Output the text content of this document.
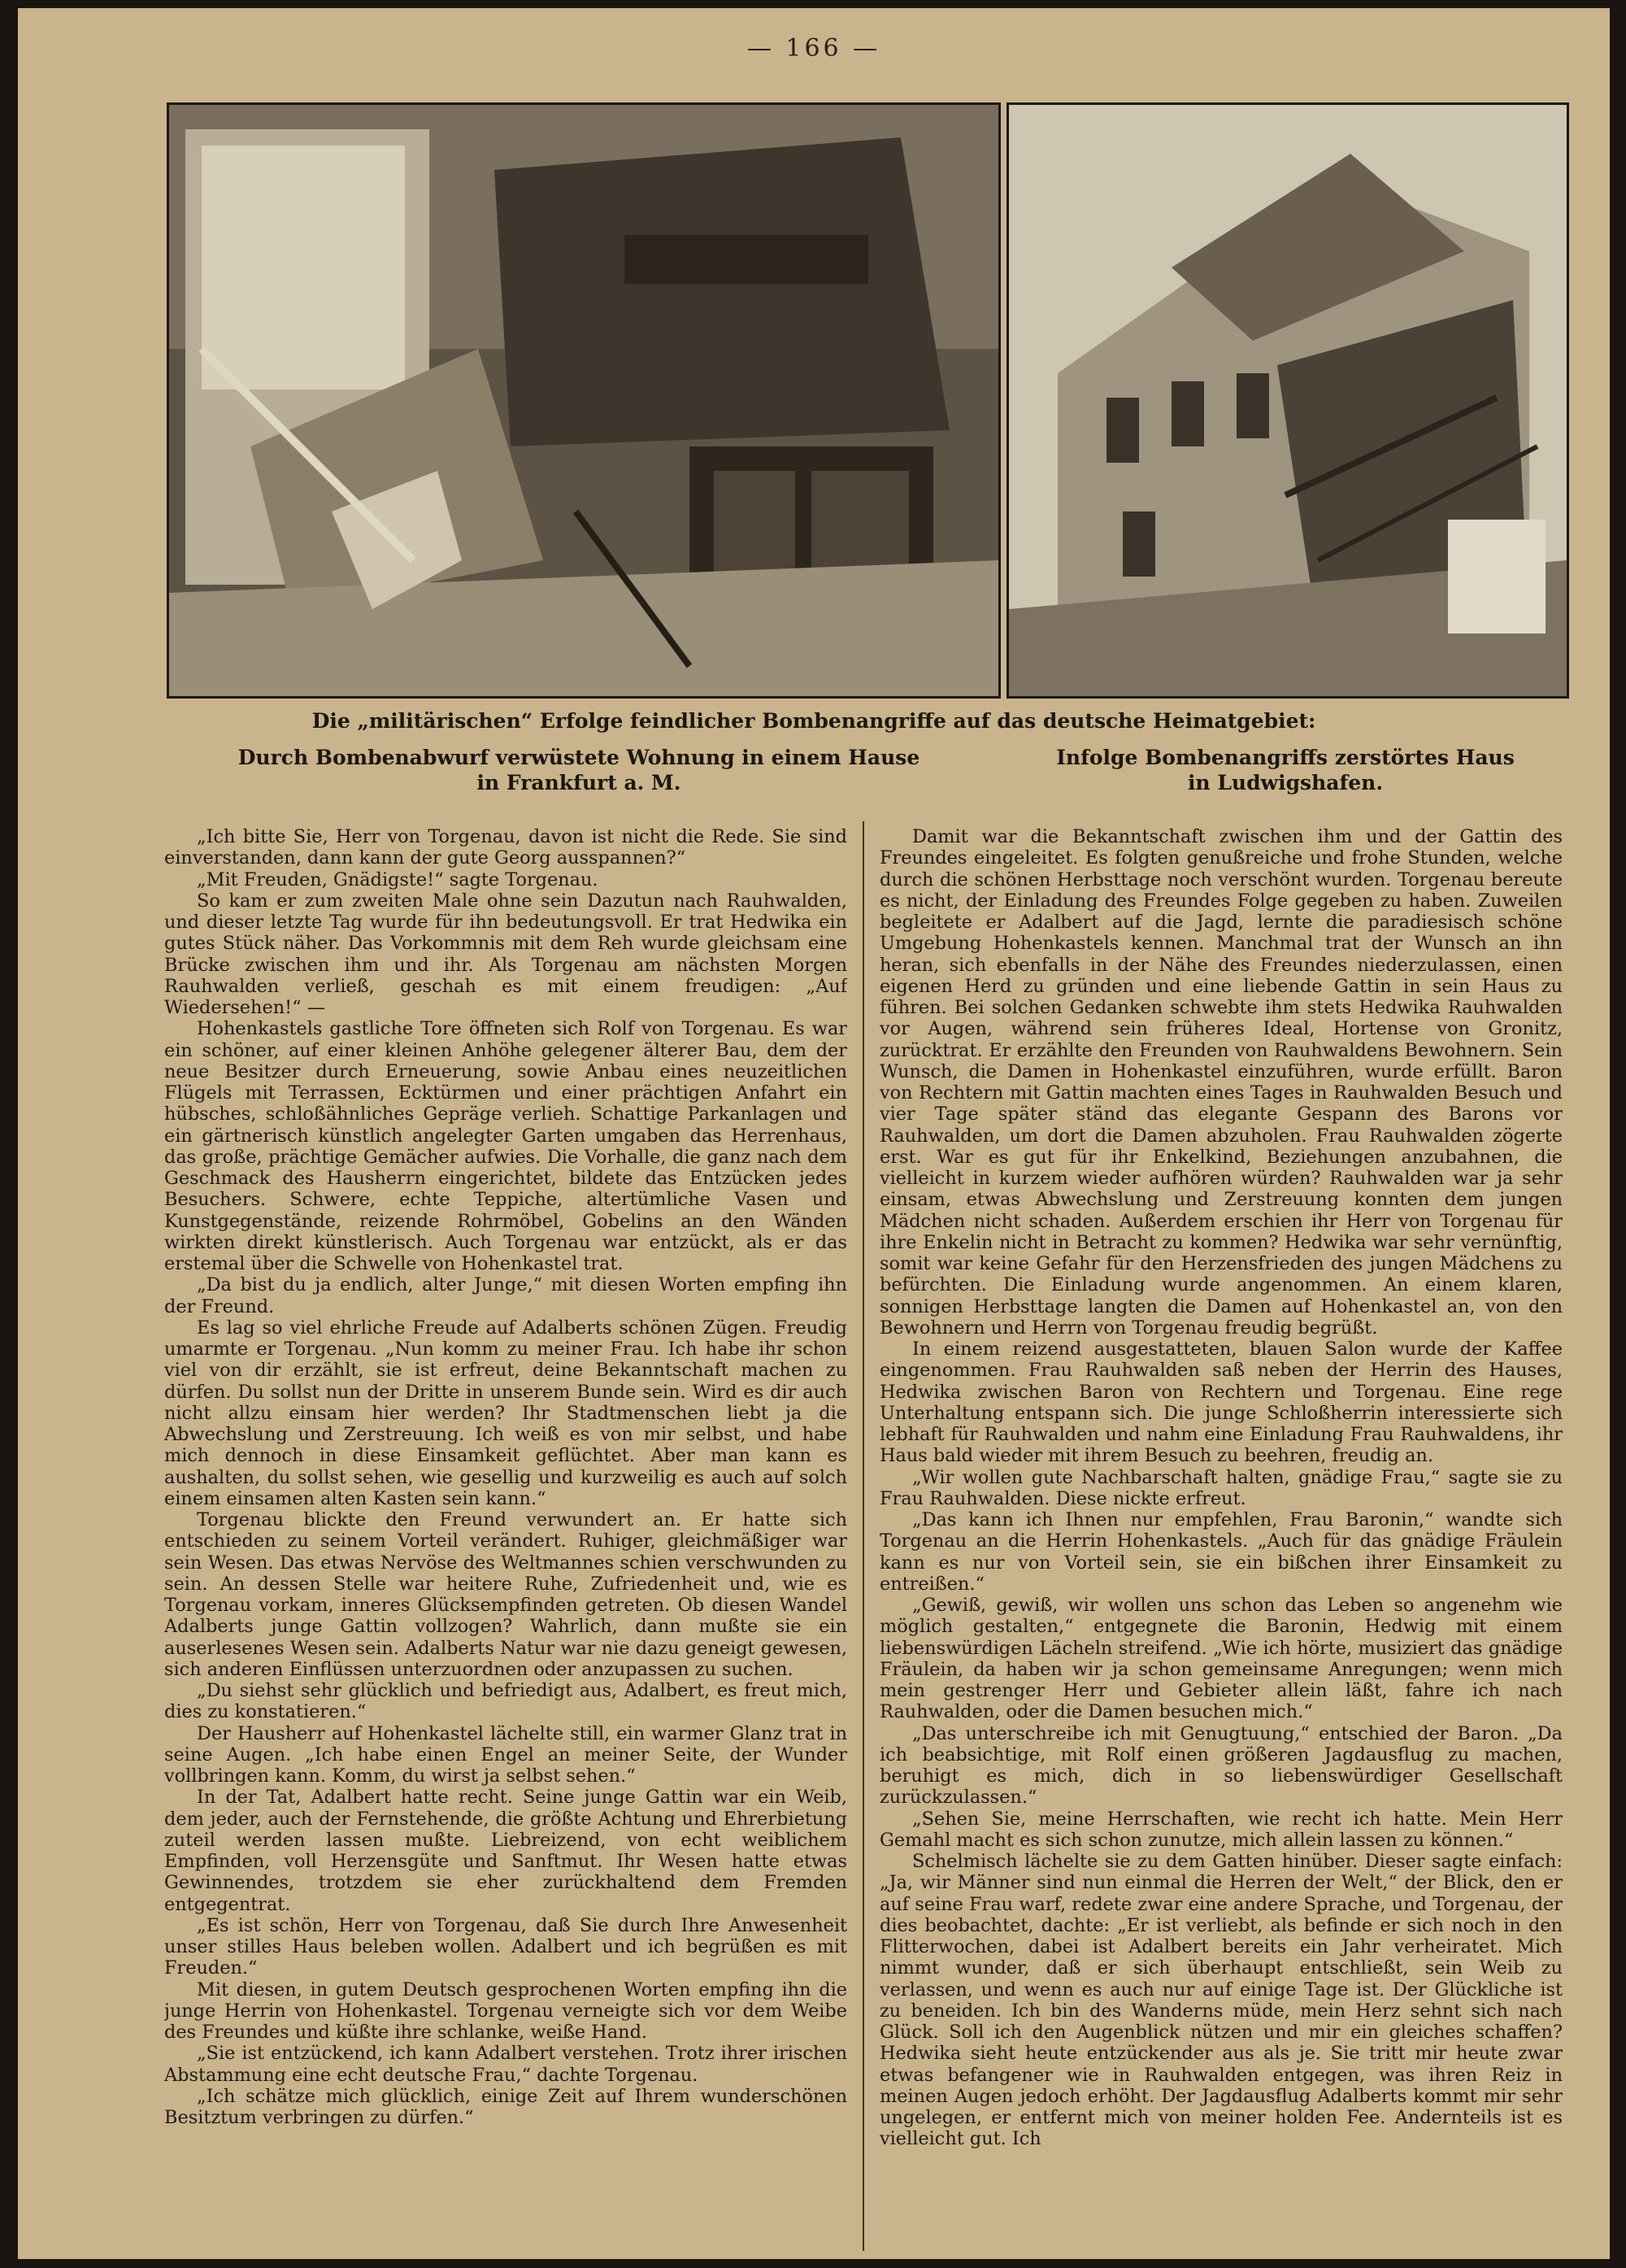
— 166 —
Die „militärischen“ Erfolge feindlicher Bombenangriffe auf das deutsche Heimatgebiet:
Durch Bombenabwurf verwüstete Wohnung in einem Hause
in Frankfurt a. M.
Infolge Bombenangriffs zerstörtes Haus
in Ludwigshafen.

„Ich bitte Sie, Herr von Torgenau, davon ist nicht die Rede. Sie sind einverstanden, dann kann der gute Georg ausspannen?“

„Mit Freuden, Gnädigste!“ sagte Torgenau.

So kam er zum zweiten Male ohne sein Dazutun nach Rauhwalden, und dieser letzte Tag wurde für ihn bedeutungsvoll. Er trat Hedwika ein gutes Stück näher. Das Vorkommnis mit dem Reh wurde gleichsam eine Brücke zwischen ihm und ihr. Als Torgenau am nächsten Morgen Rauhwalden verließ, geschah es mit einem freudigen: „Auf Wiedersehen!“ —

Hohenkastels gastliche Tore öffneten sich Rolf von Torgenau. Es war ein schöner, auf einer kleinen Anhöhe gelegener älterer Bau, dem der neue Besitzer durch Erneuerung, sowie Anbau eines neuzeitlichen Flügels mit Terrassen, Ecktürmen und einer prächtigen Anfahrt ein hübsches, schloßähnliches Gepräge verlieh. Schattige Parkanlagen und ein gärtnerisch künstlich angelegter Garten umgaben das Herrenhaus, das große, prächtige Gemächer aufwies. Die Vorhalle, die ganz nach dem Geschmack des Hausherrn eingerichtet, bildete das Entzücken jedes Besuchers. Schwere, echte Teppiche, altertümliche Vasen und Kunstgegenstände, reizende Rohrmöbel, Gobelins an den Wänden wirkten direkt künstlerisch. Auch Torgenau war entzückt, als er das erstemal über die Schwelle von Hohenkastel trat.

„Da bist du ja endlich, alter Junge,“ mit diesen Worten empfing ihn der Freund.

Es lag so viel ehrliche Freude auf Adalberts schönen Zügen. Freudig umarmte er Torgenau. „Nun komm zu meiner Frau. Ich habe ihr schon viel von dir erzählt, sie ist erfreut, deine Bekanntschaft machen zu dürfen. Du sollst nun der Dritte in unserem Bunde sein. Wird es dir auch nicht allzu einsam hier werden? Ihr Stadtmenschen liebt ja die Abwechslung und Zerstreuung. Ich weiß es von mir selbst, und habe mich dennoch in diese Einsamkeit geflüchtet. Aber man kann es aushalten, du sollst sehen, wie gesellig und kurzweilig es auch auf solch einem einsamen alten Kasten sein kann.“

Torgenau blickte den Freund verwundert an. Er hatte sich entschieden zu seinem Vorteil verändert. Ruhiger, gleichmäßiger war sein Wesen. Das etwas Nervöse des Weltmannes schien verschwunden zu sein. An dessen Stelle war heitere Ruhe, Zufriedenheit und, wie es Torgenau vorkam, inneres Glücksempfinden getreten. Ob diesen Wandel Adalberts junge Gattin vollzogen? Wahrlich, dann mußte sie ein auserlesenes Wesen sein. Adalberts Natur war nie dazu geneigt gewesen, sich anderen Einflüssen unterzuordnen oder anzupassen zu suchen.

„Du siehst sehr glücklich und befriedigt aus, Adalbert, es freut mich, dies zu konstatieren.“

Der Hausherr auf Hohenkastel lächelte still, ein warmer Glanz trat in seine Augen. „Ich habe einen Engel an meiner Seite, der Wunder vollbringen kann. Komm, du wirst ja selbst sehen.“

In der Tat, Adalbert hatte recht. Seine junge Gattin war ein Weib, dem jeder, auch der Fernstehende, die größte Achtung und Ehrerbietung zuteil werden lassen mußte. Liebreizend, von echt weiblichem Empfinden, voll Herzensgüte und Sanftmut. Ihr Wesen hatte etwas Gewinnendes, trotzdem sie eher zurückhaltend dem Fremden entgegentrat.

„Es ist schön, Herr von Torgenau, daß Sie durch Ihre Anwesenheit unser stilles Haus beleben wollen. Adalbert und ich begrüßen es mit Freuden.“

Mit diesen, in gutem Deutsch gesprochenen Worten empfing ihn die junge Herrin von Hohenkastel. Torgenau verneigte sich vor dem Weibe des Freundes und küßte ihre schlanke, weiße Hand.

„Sie ist entzückend, ich kann Adalbert verstehen. Trotz ihrer irischen Abstammung eine echt deutsche Frau,“ dachte Torgenau.

„Ich schätze mich glücklich, einige Zeit auf Ihrem wunderschönen Besitztum verbringen zu dürfen.“

Damit war die Bekanntschaft zwischen ihm und der Gattin des Freundes eingeleitet. Es folgten genußreiche und frohe Stunden, welche durch die schönen Herbsttage noch verschönt wurden. Torgenau bereute es nicht, der Einladung des Freundes Folge gegeben zu haben. Zuweilen begleitete er Adalbert auf die Jagd, lernte die paradiesisch schöne Umgebung Hohenkastels kennen. Manchmal trat der Wunsch an ihn heran, sich ebenfalls in der Nähe des Freundes niederzulassen, einen eigenen Herd zu gründen und eine liebende Gattin in sein Haus zu führen. Bei solchen Gedanken schwebte ihm stets Hedwika Rauhwalden vor Augen, während sein früheres Ideal, Hortense von Gronitz, zurücktrat. Er erzählte den Freunden von Rauhwaldens Bewohnern. Sein Wunsch, die Damen in Hohenkastel einzuführen, wurde erfüllt. Baron von Rechtern mit Gattin machten eines Tages in Rauhwalden Besuch und vier Tage später ständ das elegante Gespann des Barons vor Rauhwalden, um dort die Damen abzuholen. Frau Rauhwalden zögerte erst. War es gut für ihr Enkelkind, Beziehungen anzubahnen, die vielleicht in kurzem wieder aufhören würden? Rauhwalden war ja sehr einsam, etwas Abwechslung und Zerstreuung konnten dem jungen Mädchen nicht schaden. Außerdem erschien ihr Herr von Torgenau für ihre Enkelin nicht in Betracht zu kommen? Hedwika war sehr vernünftig, somit war keine Gefahr für den Herzensfrieden des jungen Mädchens zu befürchten. Die Einladung wurde angenommen. An einem klaren, sonnigen Herbsttage langten die Damen auf Hohenkastel an, von den Bewohnern und Herrn von Torgenau freudig begrüßt.

In einem reizend ausgestatteten, blauen Salon wurde der Kaffee eingenommen. Frau Rauhwalden saß neben der Herrin des Hauses, Hedwika zwischen Baron von Rechtern und Torgenau. Eine rege Unterhaltung entspann sich. Die junge Schloßherrin interessierte sich lebhaft für Rauhwalden und nahm eine Einladung Frau Rauhwaldens, ihr Haus bald wieder mit ihrem Besuch zu beehren, freudig an.

„Wir wollen gute Nachbarschaft halten, gnädige Frau,“ sagte sie zu Frau Rauhwalden. Diese nickte erfreut.

„Das kann ich Ihnen nur empfehlen, Frau Baronin,“ wandte sich Torgenau an die Herrin Hohenkastels. „Auch für das gnädige Fräulein kann es nur von Vorteil sein, sie ein bißchen ihrer Einsamkeit zu entreißen.“

„Gewiß, gewiß, wir wollen uns schon das Leben so angenehm wie möglich gestalten,“ entgegnete die Baronin, Hedwig mit einem liebenswürdigen Lächeln streifend. „Wie ich hörte, musiziert das gnädige Fräulein, da haben wir ja schon gemeinsame Anregungen; wenn mich mein gestrenger Herr und Gebieter allein läßt, fahre ich nach Rauhwalden, oder die Damen besuchen mich.“

„Das unterschreibe ich mit Genugtuung,“ entschied der Baron. „Da ich beabsichtige, mit Rolf einen größeren Jagdausflug zu machen, beruhigt es mich, dich in so liebenswürdiger Gesellschaft zurückzulassen.“

„Sehen Sie, meine Herrschaften, wie recht ich hatte. Mein Herr Gemahl macht es sich schon zunutze, mich allein lassen zu können.“

Schelmisch lächelte sie zu dem Gatten hinüber. Dieser sagte einfach: „Ja, wir Männer sind nun einmal die Herren der Welt,“ der Blick, den er auf seine Frau warf, redete zwar eine andere Sprache, und Torgenau, der dies beobachtet, dachte: „Er ist verliebt, als befinde er sich noch in den Flitterwochen, dabei ist Adalbert bereits ein Jahr verheiratet. Mich nimmt wunder, daß er sich überhaupt entschließt, sein Weib zu verlassen, und wenn es auch nur auf einige Tage ist. Der Glückliche ist zu beneiden. Ich bin des Wanderns müde, mein Herz sehnt sich nach Glück. Soll ich den Augenblick nützen und mir ein gleiches schaffen? Hedwika sieht heute entzückender aus als je. Sie tritt mir heute zwar etwas befangener wie in Rauhwalden entgegen, was ihren Reiz in meinen Augen jedoch erhöht. Der Jagdausflug Adalberts kommt mir sehr ungelegen, er entfernt mich von meiner holden Fee. Andernteils ist es vielleicht gut. Ich
